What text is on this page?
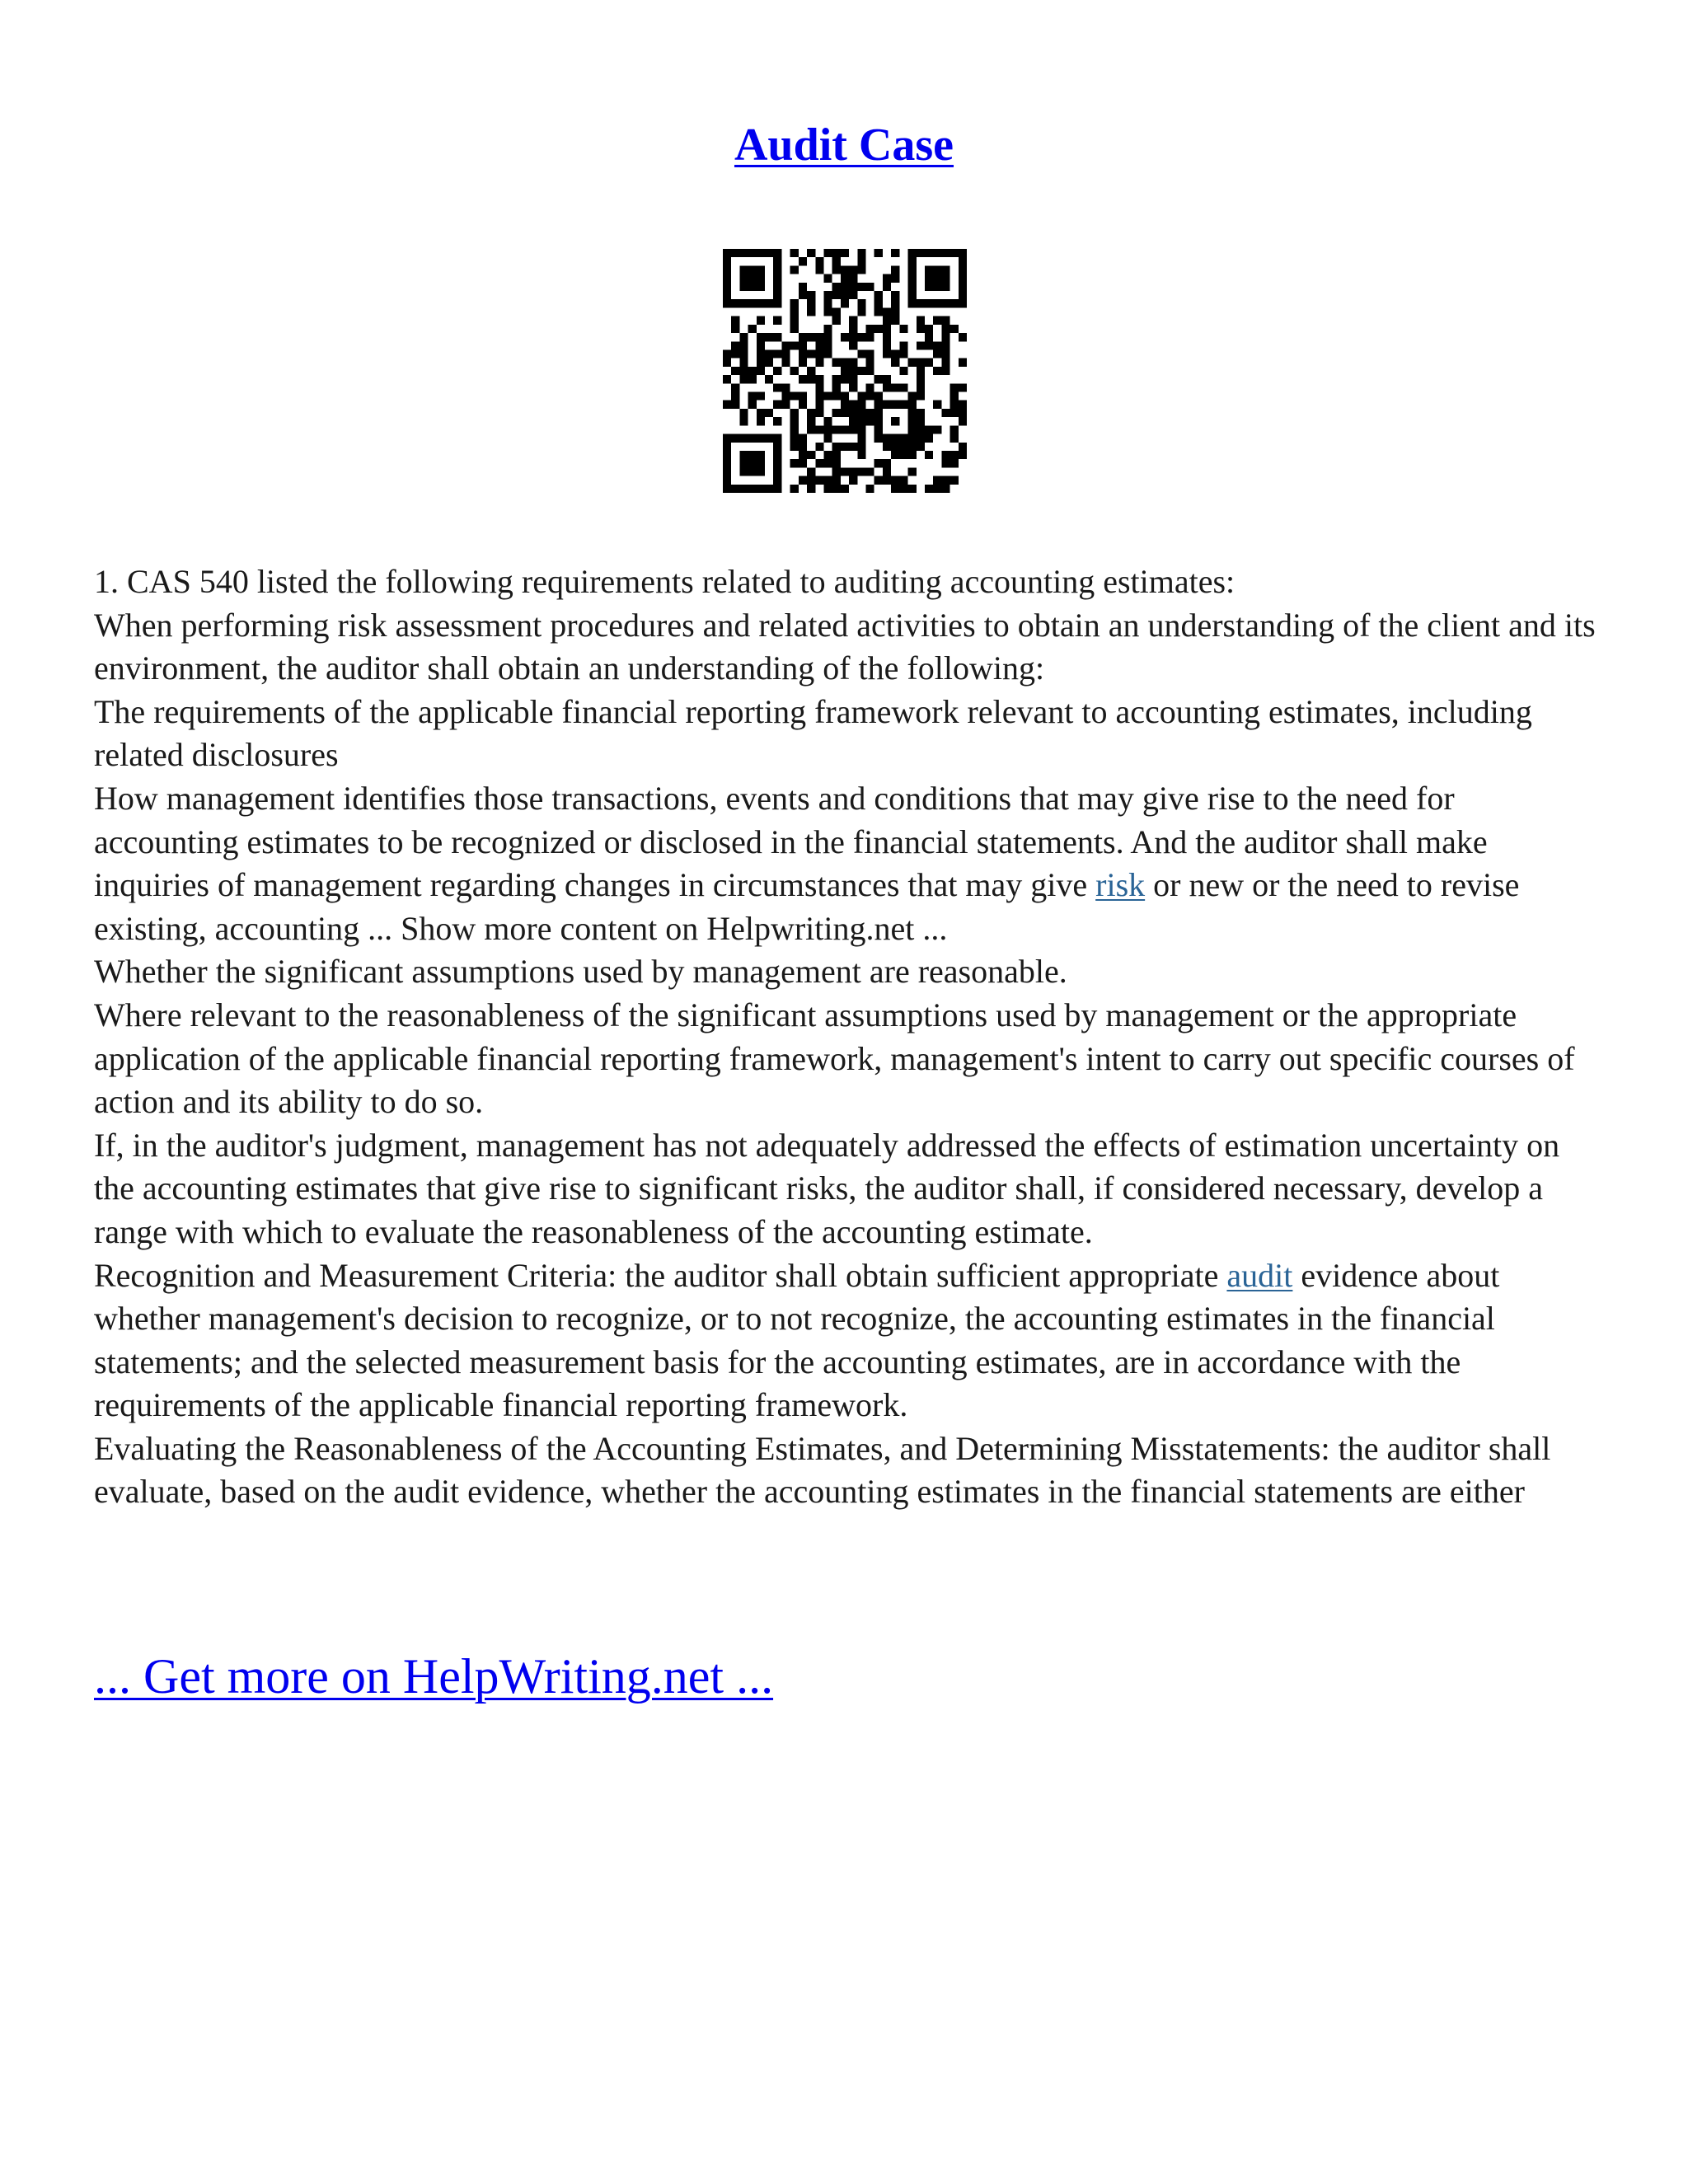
Audit Case

1. CAS 540 listed the following requirements related to auditing accounting estimates:

When performing risk assessment procedures and related activities to obtain an understanding of the client and its environment, the auditor shall obtain an understanding of the following:

The requirements of the applicable financial reporting framework relevant to accounting estimates, including related disclosures

How management identifies those transactions, events and conditions that may give rise to the need for accounting estimates to be recognized or disclosed in the financial statements. And the auditor shall make inquiries of management regarding changes in circumstances that may give risk or new or the need to revise existing, accounting ... Show more content on Helpwriting.net ...

Whether the significant assumptions used by management are reasonable.

Where relevant to the reasonableness of the significant assumptions used by management or the appropriate application of the applicable financial reporting framework, management's intent to carry out specific courses of action and its ability to do so.

If, in the auditor's judgment, management has not adequately addressed the effects of estimation uncertainty on the accounting estimates that give rise to significant risks, the auditor shall, if considered necessary, develop a range with which to evaluate the reasonableness of the accounting estimate.

Recognition and Measurement Criteria: the auditor shall obtain sufficient appropriate audit evidence about whether management's decision to recognize, or to not recognize, the accounting estimates in the financial statements; and the selected measurement basis for the accounting estimates, are in accordance with the requirements of the applicable financial reporting framework.

Evaluating the Reasonableness of the Accounting Estimates, and Determining Misstatements: the auditor shall evaluate, based on the audit evidence, whether the accounting estimates in the financial statements are either

... Get more on HelpWriting.net ...
